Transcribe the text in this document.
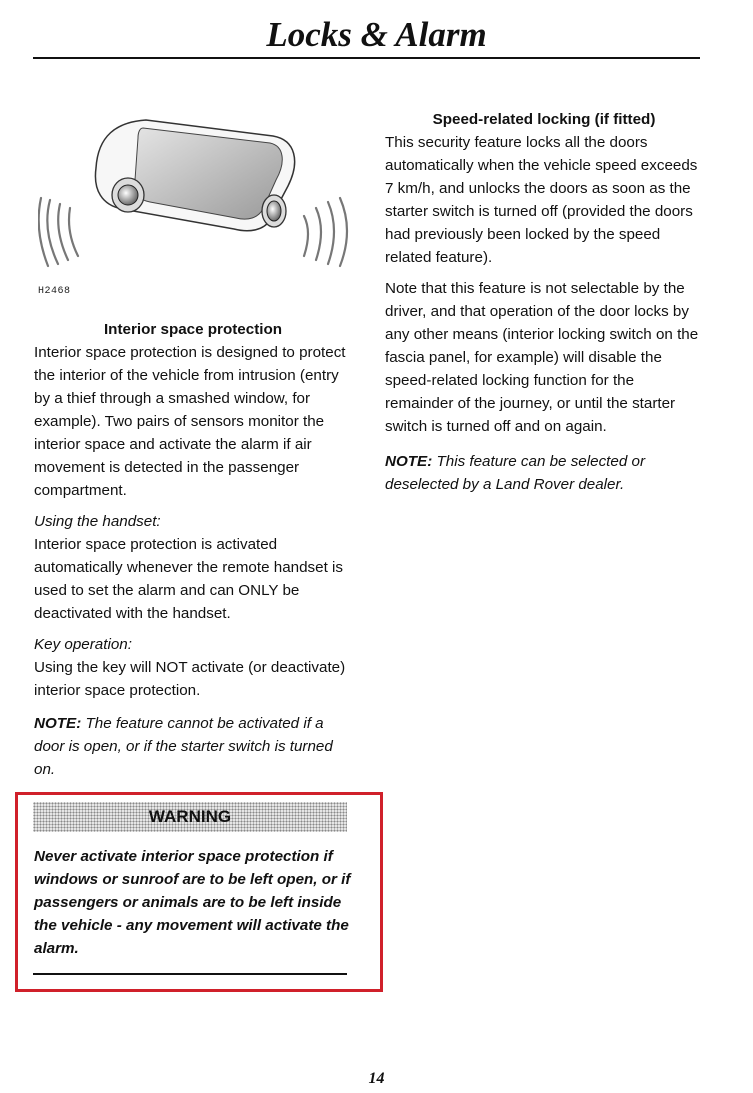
Locks & Alarm
H2468

Interior space protection

Interior space protection is designed to protect the interior of the vehicle from intrusion (entry by a thief through a smashed window, for example). Two pairs of sensors monitor the interior space and activate the alarm if air movement is detected in the passenger compartment.

Using the handset:

Interior space protection is activated automatically whenever the remote handset is used to set the alarm and can ONLY be deactivated with the handset.

Key operation:

Using the key will NOT activate (or deactivate) interior space protection.

NOTE: The feature cannot be activated if a door is open, or if the starter switch is turned on.

WARNING

Never activate interior space protection if windows or sunroof are to be left open, or if passengers or animals are to be left inside the vehicle - any movement will activate the alarm.

Speed-related locking (if fitted)

This security feature locks all the doors automatically when the vehicle speed exceeds 7 km/h, and unlocks the doors as soon as the starter switch is turned off (provided the doors had previously been locked by the speed related feature).

Note that this feature is not selectable by the driver, and that operation of the door locks by any other means (interior locking switch on the fascia panel, for example) will disable the speed-related locking function for the remainder of the journey, or until the starter switch is turned off and on again.

NOTE: This feature can be selected or deselected by a Land Rover dealer.

14
